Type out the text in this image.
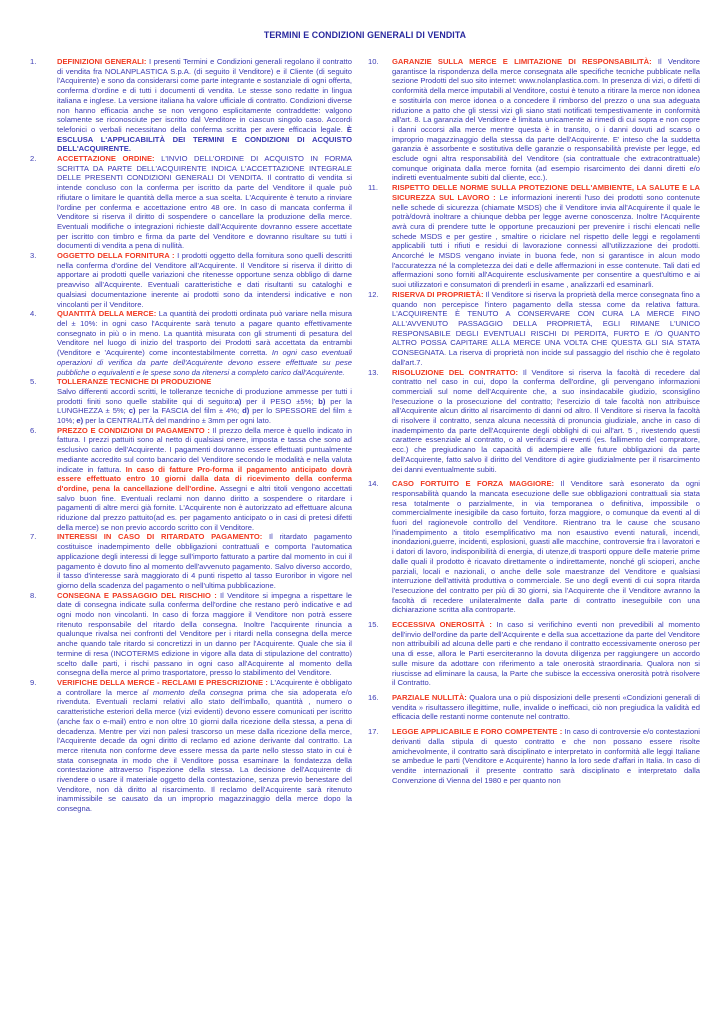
TERMINI E CONDIZIONI GENERALI DI VENDITA
1.	DEFINIZIONI GENERALI: I presenti Termini e Condizioni generali regolano il contratto di vendita fra NOLANPLASTICA S.p.A. (di seguito il Venditore) e il Cliente (di seguito l'Acquirente) e sono da considerarsi come parte integrante e sostanziale di ogni offerta, conferma d'ordine e di tutti i documenti di vendita. Le stesse sono redatte in lingua italiana e inglese. La versione italiana ha valore ufficiale di contratto. Condizioni diverse non hanno efficacia anche se non vengono esplicitamente contraddette: valgono solamente se riconosciute per iscritto dal Venditore in ciascun singolo caso. Accordi telefonici o verbali necessitano della conferma scritta per avere efficacia legale. È ESCLUSA L'APPLICABILITÀ DEI TERMINI E CONDIZIONI DI ACQUISTO DELL'ACQUIRENTE.
2.	ACCETTAZIONE ORDINE: L'INVIO DELL'ORDINE DI ACQUISTO IN FORMA SCRITTA DA PARTE DELL'ACQUIRENTE INDICA L'ACCETTAZIONE INTEGRALE DELLE PRESENTI CONDIZIONI GENERALI DI VENDITA. Il contratto di vendita si intende concluso con la conferma per iscritto da parte del Venditore il quale può rifiutare o limitare le quantità della merce a sua scelta. L'Acquirente è tenuto a rinviare l'ordine per conferma e accettazione entro 48 ore. In caso di mancata conferma il Venditore si riserva il diritto di sospendere o cancellare la produzione della merce. Eventuali modifiche o integrazioni richieste dall'Acquirente dovranno essere accettate per iscritto con timbro e firma da parte del Venditore e dovranno risultare su tutti i documenti di vendita a pena di nullità.
3.	OGGETTO DELLA FORNITURA : I prodotti oggetto della fornitura sono quelli descritti nella conferma d'ordine del Venditore all'Acquirente. Il Venditore si riserva il diritto di apportare ai prodotti quelle variazioni che ritenesse opportune senza obbligo di darne preavviso all'Acquirente. Eventuali caratteristiche e dati risultanti su cataloghi e qualsiasi documentazione inerente ai prodotti sono da intendersi indicative e non vincolanti per il Venditore.
4.	QUANTITÀ DELLA MERCE: La quantità dei prodotti ordinata può variare nella misura del ± 10%: in ogni caso l'Acquirente sarà tenuto a pagare quanto effettivamente consegnato in più o in meno. La quantità misurata con gli strumenti di pesatura del Venditore nel luogo di inizio del trasporto dei Prodotti sarà accettata da entrambi (Venditore e 'Acquirente) come incontestabilmente corretta. In ogni caso eventuali operazioni di verifica da parte dell'Acquirente devono essere effettuate su pese pubbliche o equivalenti e le spese sono da ritenersi a completo carico dall'Acquirente.
5.	TOLLERANZE TECNICHE DI PRODUZIONE
Salvo differenti accordi scritti, le tolleranze tecniche di produzione ammesse per tutti i prodotti finiti sono quelle stabilite qui di seguito:a) per il PESO ±5%; b) per la LUNGHEZZA ± 5%; c) per la FASCIA del film ± 4%; d) per lo SPESSORE del film ± 10%; e) per la CENTRALITÀ del mandrino ± 3mm per ogni lato.
6.	PREZZO E CONDIZIONI DI PAGAMENTO : Il prezzo della merce è quello indicato in fattura. I prezzi pattuiti sono al netto di qualsiasi onere, imposta e tassa che sono ad esclusivo carico dell'Acquirente. I pagamenti dovranno essere effettuati puntualmente mediante accredito sul conto bancario del Venditore secondo le modalità e nella valuta indicate in fattura. In caso di fatture Pro-forma il pagamento anticipato dovrà essere effettuato entro 10 giorni dalla data di ricevimento della conferma d'ordine, pena la cancellazione dell'ordine. Assegni e altri titoli vengono accettati salvo buon fine. Eventuali reclami non danno diritto a sospendere o ritardare i pagamenti di altre merci già fornite. L'Acquirente non è autorizzato ad effettuare alcuna riduzione dal prezzo pattuito(ad es. per pagamento anticipato o in casi di pretesi difetti della merce) se non previo accordo scritto con il Venditore.
7.	INTERESSI IN CASO DI RITARDATO PAGAMENTO: Il ritardato pagamento costituisce inadempimento delle obbligazioni contrattuali e comporta l'automatica applicazione degli interessi di legge sull'importo fatturato a partire dal momento in cui il pagamento è dovuto fino al momento dell'avvenuto pagamento. Salvo diverso accordo, il tasso d'interesse sarà maggiorato di 4 punti rispetto al tasso Euroribor in vigore nel giorno della scadenza del pagamento o nell'ultima pubblicazione.
8.	CONSEGNA E PASSAGGIO DEL RISCHIO : Il Venditore si impegna a rispettare le date di consegna indicate sulla conferma dell'ordine che restano però indicative e ad ogni modo non vincolanti. In caso di forza maggiore il Venditore non potrà essere ritenuto responsabile del ritardo della consegna. Inoltre l'acquirente rinuncia a qualunque rivalsa nei confronti del Venditore per i ritardi nella consegna della merce anche quando tale ritardo si concretizzi in un danno per l'Acquirente. Quale che sia il termine di resa (INCOTERMS edizione in vigore alla data di stipulazione del contratto) scelto dalle parti, i rischi passano in ogni caso all'Acquirente al momento della consegna della merce al primo trasportatore, presso lo stabilimento del Venditore.
9.	VERIFICHE DELLA MERCE - RECLAMI E PRESCRIZIONE : L'Acquirente è obbligato a controllare la merce al momento della consegna prima che sia adoperata e/o rivenduta. Eventuali reclami relativi allo stato dell'imballo, quantità , numero o caratteristiche esteriori della merce (vizi evidenti) devono essere comunicati per iscritto (anche fax o e-mail) entro e non oltre 10 giorni dalla ricezione della stessa, a pena di decadenza. Mentre per vizi non palesi trascorso un mese dalla ricezione della merce, l'Acquirente decade da ogni diritto di reclamo ed azione derivante dal contratto. La merce ritenuta non conforme deve essere messa da parte nello stesso stato in cui è stata consegnata in modo che il Venditore possa esaminare la fondatezza della contestazione attraverso l'ispezione della stessa. La decisione dell'Acquirente di rivendere o usare il materiale oggetto della contestazione, senza previo benestare del Venditore, non dà diritto al risarcimento. Il reclamo dell'Acquirente sarà ritenuto inammissibile se causato da un improprio magazzinaggio della merce dopo la consegna.
10.	GARANZIE SULLA MERCE E LIMITAZIONE DI RESPONSABILITÀ: Il Venditore garantisce la rispondenza della merce consegnata alle specifiche tecniche pubblicate nella sezione Prodotti del suo sito internet: www.nolanplastica.com. In presenza di vizi, o difetti di conformità della merce imputabili al Venditore, costui è tenuto a ritirare la merce non idonea e sostituirla con merce idonea o a concedere il rimborso del prezzo o una sua adeguata riduzione a patto che gli stessi vizi gli siano stati notificati tempestivamente in conformità all'art. 8. La garanzia del Venditore è limitata unicamente ai rimedi di cui sopra e non copre i danni occorsi alla merce mentre questa è in transito, o i danni dovuti ad scarso o improprio magazzinaggio della stessa da parte dell'Acquirente. E' inteso che la suddetta garanzia è assorbente e sostitutiva delle garanzie o responsabilità previste per legge, ed esclude ogni altra responsabilità del Venditore (sia contrattuale che extracontrattuale) comunque originata dalla merce fornita (ad esempio risarcimento dei danni diretti e/o indiretti eventualmente subiti dal cliente, ecc.).
11.	RISPETTO DELLE NORME SULLA PROTEZIONE DELL'AMBIENTE, LA SALUTE E LA SICUREZZA SUL LAVORO : Le informazioni inerenti l'uso dei prodotti sono contenute nelle schede di sicurezza (chiamate MSDS) che il Venditore invia all'Acquirente il quale le potrà/dovrà inoltrare a chiunque debba per legge averne conoscenza. Inoltre l'Acquirente avrà cura di prendere tutte le opportune precauzioni per prevenire i rischi elencati nelle schede MSDS e per gestire , smaltire o riciclare nel rispetto delle leggi e regolamenti applicabili tutti i rifiuti e residui di lavorazione connessi all'utilizzazione dei prodotti. Ancorché le MSDS vengano inviate in buona fede, non si garantisce in alcun modo l'accuratezza né la completezza dei dati e delle affermazioni in esse contenute. Tali dati ed affermazioni sono forniti all'Acquirente esclusivamente per consentire a quest'ultimo e ai suoi utilizzatori e consumatori di prenderli in esame , analizzarli ed esaminarli.
12.	RISERVA DI PROPRIETÀ: Il Venditore si riserva la proprietà della merce consegnata fino a quando non percepisce l'intero pagamento della stessa come da relativa fattura. L'ACQUIRENTE È TENUTO A CONSERVARE CON CURA LA MERCE FINO ALL'AVVENUTO PASSAGGIO DELLA PROPRIETÀ, EGLI RIMANE L'UNICO RESPONSABILE DEGLI EVENTUALI RISCHI DI PERDITA, FURTO E /O QUANTO ALTRO POSSA CAPITARE ALLA MERCE UNA VOLTA CHE QUESTA GLI SIA STATA CONSEGNATA. La riserva di proprietà non incide sul passaggio del rischio che è regolato dall'art.7.
13.	RISOLUZIONE DEL CONTRATTO: Il Venditore si riserva la facoltà di recedere dal contratto nel caso in cui, dopo la conferma dell'ordine, gli pervengano informazioni commerciali sul nome dell'Acquirente che, a suo insindacabile giudizio, sconsiglino l'esecuzione o la prosecuzione del contratto; l'esercizio di tale facoltà non attribuisce all'Acquirente alcun diritto al risarcimento di danni od altro. Il Venditore si riserva la facoltà di risolvere il contratto, senza alcuna necessità di pronuncia giudiziale, anche in caso di inadempimento da parte dell'Acquirente degli obblighi di cui all'art. 5 , rivestendo questi carattere essenziale al contratto, o al verificarsi di eventi (es. fallimento del compratore, ecc.) che pregiudicano la capacità di adempiere alle future obbligazioni da parte dell'Acquirente, fatto salvo il diritto del Venditore di agire giudizialmente per il risarcimento dei danni eventualmente subiti.
14.	CASO FORTUITO E FORZA MAGGIORE: Il Venditore sarà esonerato da ogni responsabilità quando la mancata esecuzione delle sue obbligazioni contrattuali sia stata resa totalmente o parzialmente, in via temporanea o definitiva, impossibile o commercialmente inesigibile da caso fortuito, forza maggiore, o comunque da eventi al di fuori del ragionevole controllo del Venditore. Rientrano tra le cause che scusano l'inadempimento a titolo esemplificativo ma non esaustivo eventi naturali, incendi, inondazioni,guerre, incidenti, esplosioni, guasti alle macchine, controversie fra i lavoratori e i datori di lavoro, indisponibilità di energia, di utenze,di trasporti oppure delle materie prime dalle quali il prodotto è ricavato direttamente o indirettamente, nonché gli scioperi, anche parziali, locali e nazionali, o anche delle sole maestranze del Venditore e qualsiasi interruzione dell'attività produttiva o commerciale. Se uno degli eventi di cui sopra ritarda l'esecuzione del contratto per più di 30 giorni, sia l'Acquirente che il Venditore avranno la facoltà di recedere unilateralmente dalla parte di contratto ineseguibile con una dichiarazione scritta alla controparte.
15.	ECCESSIVA ONEROSITÀ : In caso si verifichino eventi non prevedibili al momento dell'invio dell'ordine da parte dell'Acquirente e della sua accettazione da parte del Venditore non attribuibili ad alcuna delle parti e che rendano il contratto eccessivamente oneroso per una di esse, allora le Parti eserciteranno la dovuta diligenza per raggiungere un accordo sulle misure da adottare con riferimento a tale onerosità straordinaria. Qualora non si riuscisse ad eliminare la causa, la Parte che subisce la eccessiva onerosità potrà risolvere il Contratto.
16.	PARZIALE NULLITÀ: Qualora una o più disposizioni delle presenti «Condizioni generali di vendita » risultassero illegittime, nulle, invalide o inefficaci, ciò non pregiudica la validità ed efficacia delle restanti norme contenute nel contratto.
17.	LEGGE APPLICABILE E FORO COMPETENTE : In caso di controversie e/o contestazioni derivanti dalla stipula di questo contratto e che non possano essere risolte amichevolmente, il contratto sarà disciplinato e interpretato in conformità alle leggi Italiane se ambedue le parti (Venditore e Acquirente) hanno la loro sede d'affari in Italia. In caso di vendite internazionali il presente contratto sarà disciplinato e interpretato dalla Convenzione di Vienna del 1980 e per quanto non
